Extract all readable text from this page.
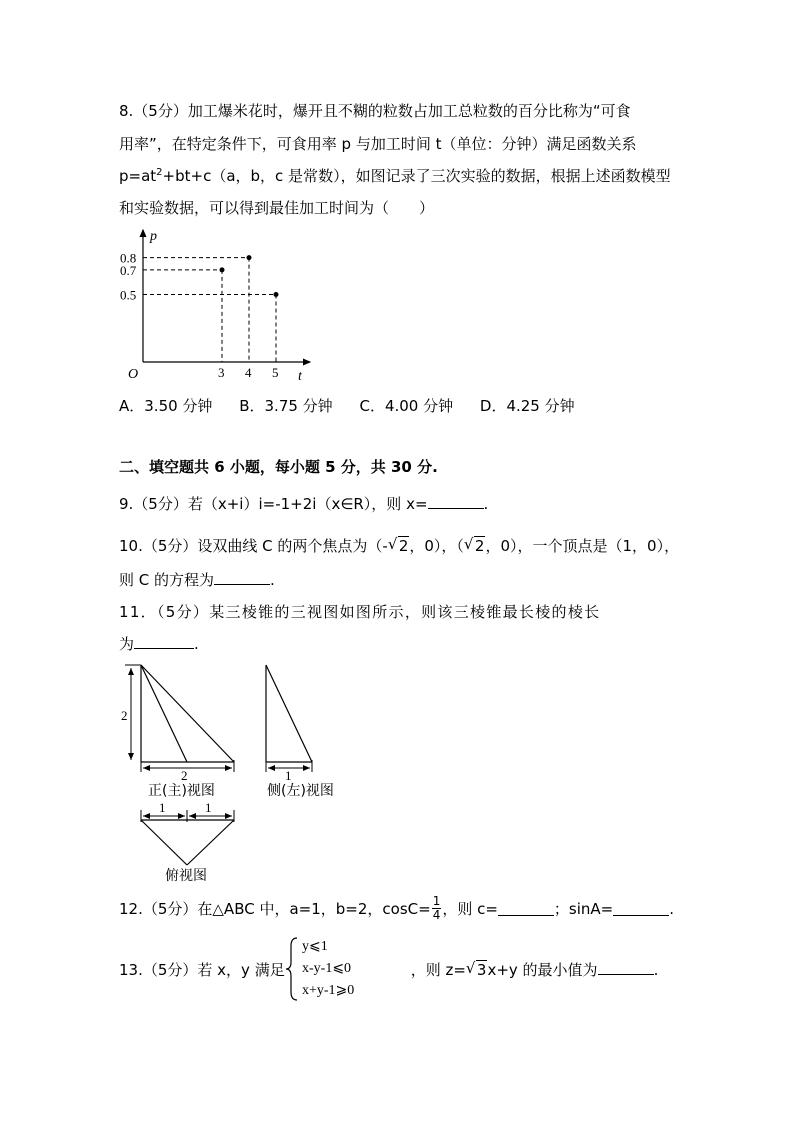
8.（5分）加工爆米花时，爆开且不糊的粒数占加工总粒数的百分比称为“可食
用率”，在特定条件下，可食用率 p 与加工时间 t（单位：分钟）满足函数关系
$p=at^2+bt+c(a$，b，c 是常数），如图记录了三次实验的数据，根据上述函数模型
和实验数据，可以得到最佳加工时间为（　　）
p
t
O	3
0.7
4
0.8
5
0.5
A．3.50 分钟 B．3.75 分钟 C．4.00 分钟 D．4.25 分钟
二、填空题共 6 小题，每小题 5 分，共 30 分.
9.（5分）若（x+i）i=-1+2i（x∈R），则 x=	.
10.（5分）设双曲线 C 的两个焦点为（- √ 2，0），（ √ 2，0），一个顶点是（1，0），
则 C 的方程为	.
11．（5分）某三棱锥的三视图如图所示，则该三棱锥最长棱的棱长
为	.
2
2	1
1	1
正(主)视图	侧(左)视图
俯视图
12.（5分）在△ABC 中，a=1，b=2，$\cos C= \frac{1}{4}$ ，则 c=	；sinA=	.
13.（5分）若 x，y 满足	，则 z= √ 3x+y 的最小值为	.
y⩽1
x-y-1⩽0
x+y-1⩾0
